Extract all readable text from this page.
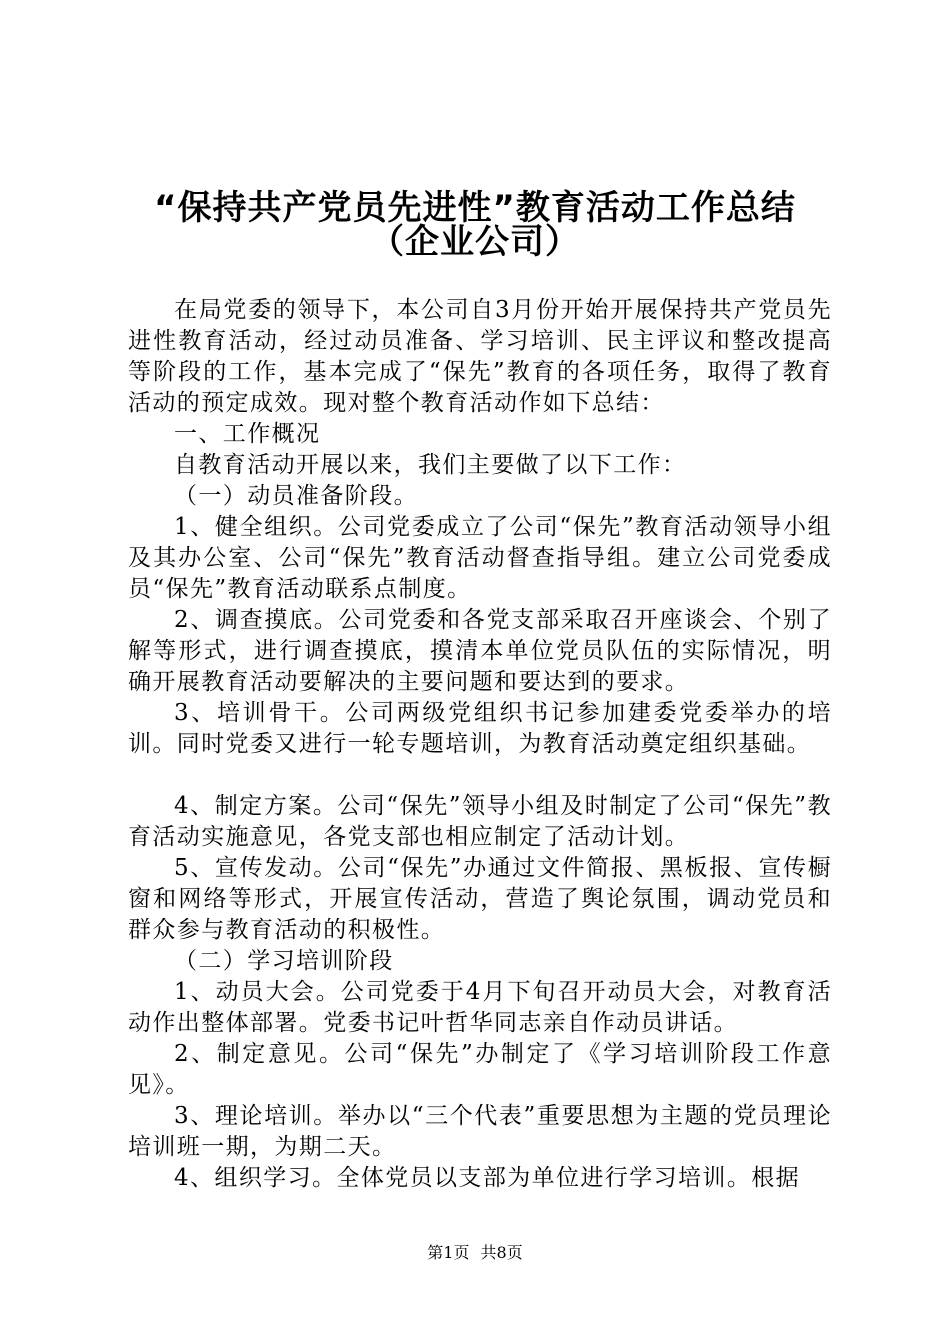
“保持共产党员先进性”教育活动工作总结
（企业公司）

在局党委的领导下，本公司自3月份开始开展保持共产党员先进性教育活动，经过动员准备、学习培训、民主评议和整改提高等阶段的工作，基本完成了“保先”教育的各项任务，取得了教育活动的预定成效。现对整个教育活动作如下总结：

一、工作概况

自教育活动开展以来，我们主要做了以下工作：

（一）动员准备阶段。

1、健全组织。公司党委成立了公司“保先”教育活动领导小组及其办公室、公司“保先”教育活动督查指导组。建立公司党委成员“保先”教育活动联系点制度。

2、调查摸底。公司党委和各党支部采取召开座谈会、个别了解等形式，进行调查摸底，摸清本单位党员队伍的实际情况，明确开展教育活动要解决的主要问题和要达到的要求。

3、培训骨干。公司两级党组织书记参加建委党委举办的培训。同时党委又进行一轮专题培训，为教育活动奠定组织基础。

4、制定方案。公司“保先”领导小组及时制定了公司“保先”教育活动实施意见，各党支部也相应制定了活动计划。

5、宣传发动。公司“保先”办通过文件简报、黑板报、宣传橱窗和网络等形式，开展宣传活动，营造了舆论氛围，调动党员和群众参与教育活动的积极性。

（二）学习培训阶段

1、动员大会。公司党委于4月下旬召开动员大会，对教育活动作出整体部署。党委书记叶哲华同志亲自作动员讲话。

2、制定意见。公司“保先”办制定了《学习培训阶段工作意见》。

3、理论培训。举办以“三个代表”重要思想为主题的党员理论培训班一期，为期二天。

4、组织学习。全体党员以支部为单位进行学习培训。根据

第1页 共8页
